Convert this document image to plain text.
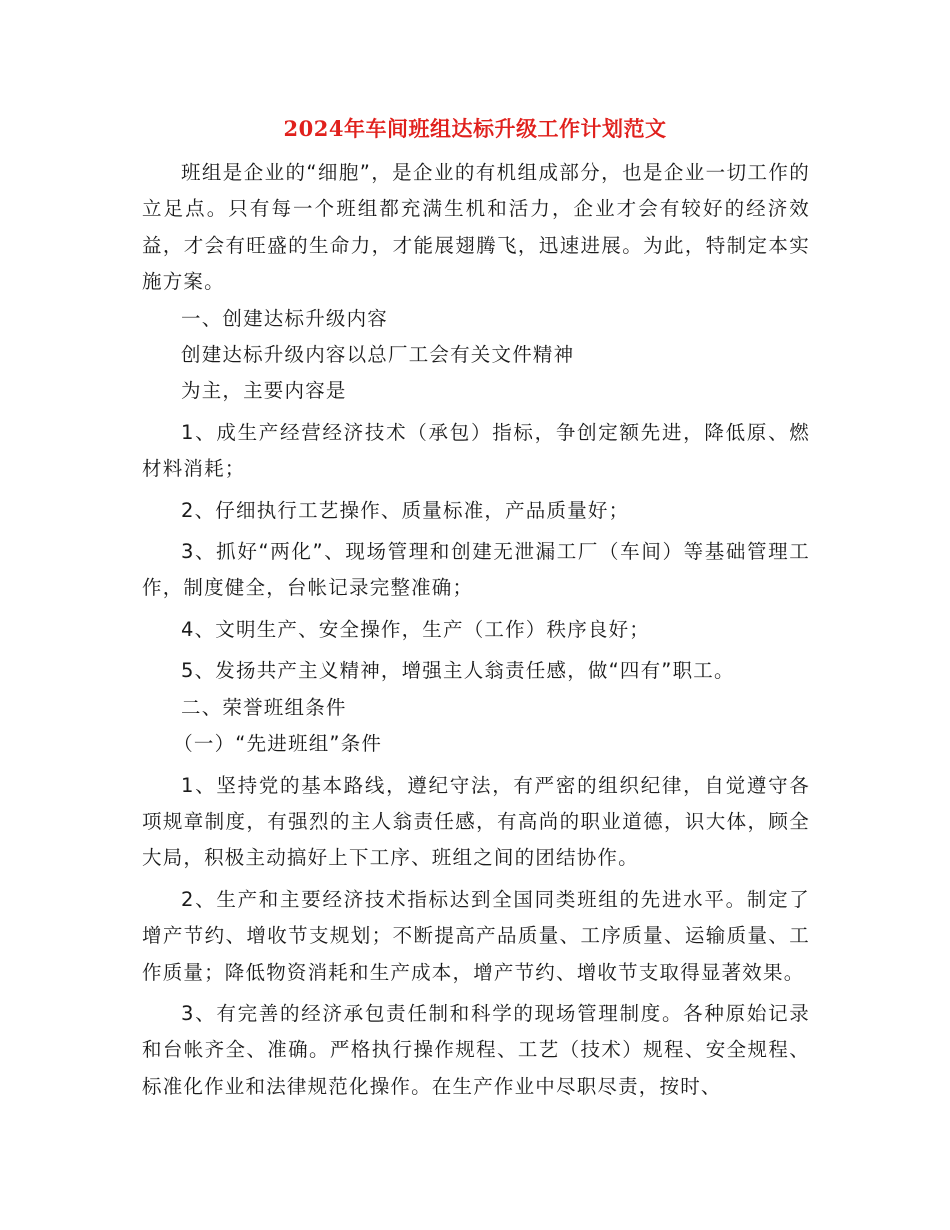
2024年车间班组达标升级工作计划范文

班组是企业的“细胞”，是企业的有机组成部分，也是企业一切工作的立足点。只有每一个班组都充满生机和活力，企业才会有较好的经济效益，才会有旺盛的生命力，才能展翅腾飞，迅速进展。为此，特制定本实施方案。

一、创建达标升级内容

创建达标升级内容以总厂工会有关文件精神

为主，主要内容是

1、成生产经营经济技术（承包）指标，争创定额先进，降低原、燃材料消耗；

2、仔细执行工艺操作、质量标准，产品质量好；

3、抓好“两化”、现场管理和创建无泄漏工厂（车间）等基础管理工作，制度健全，台帐记录完整准确；

4、文明生产、安全操作，生产（工作）秩序良好；

5、发扬共产主义精神，增强主人翁责任感，做“四有”职工。

二、荣誉班组条件

（一）“先进班组”条件

1、坚持党的基本路线，遵纪守法，有严密的组织纪律，自觉遵守各项规章制度，有强烈的主人翁责任感，有高尚的职业道德，识大体，顾全大局，积极主动搞好上下工序、班组之间的团结协作。

2、生产和主要经济技术指标达到全国同类班组的先进水平。制定了增产节约、增收节支规划；不断提高产品质量、工序质量、运输质量、工作质量；降低物资消耗和生产成本，增产节约、增收节支取得显著效果。

3、有完善的经济承包责任制和科学的现场管理制度。各种原始记录和台帐齐全、准确。严格执行操作规程、工艺（技术）规程、安全规程、标准化作业和法律规范化操作。在生产作业中尽职尽责，按时、
